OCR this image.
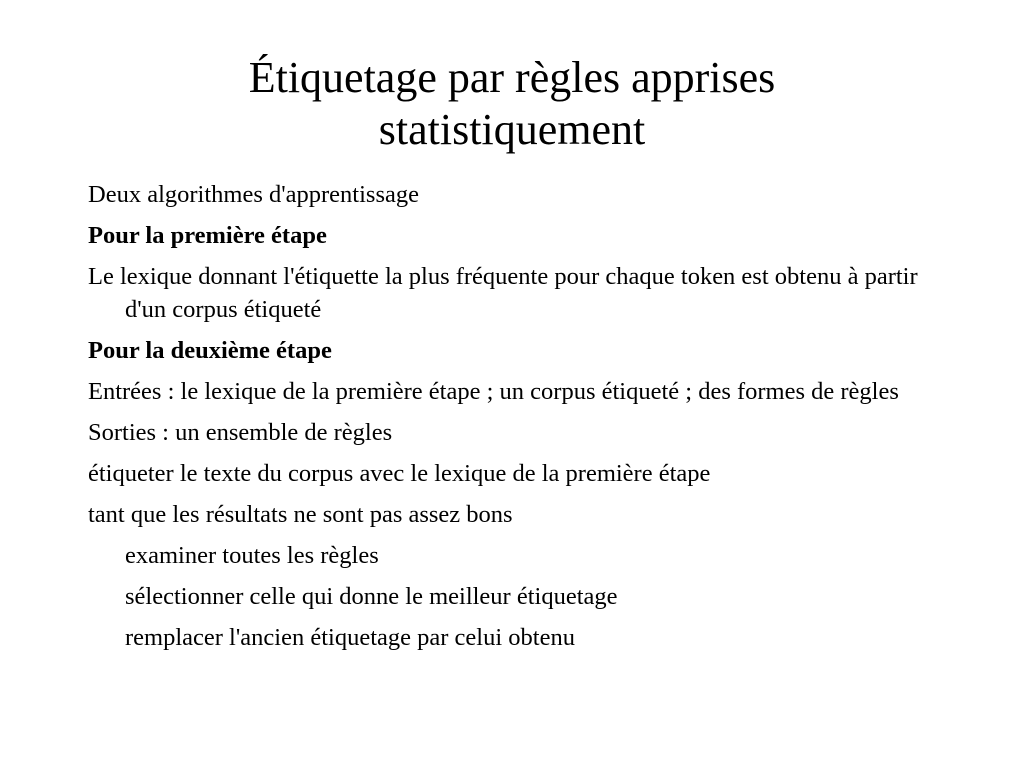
Étiquetage par règles apprises statistiquement
Deux algorithmes d'apprentissage
Pour la première étape
Le lexique donnant l'étiquette la plus fréquente pour chaque token est obtenu à partir d'un corpus étiqueté
Pour la deuxième étape
Entrées : le lexique de la première étape ; un corpus étiqueté ; des formes de règles
Sorties : un ensemble de règles
étiqueter le texte du corpus avec le lexique de la première étape
tant que les résultats ne sont pas assez bons
examiner toutes les règles
sélectionner celle qui donne le meilleur étiquetage
remplacer l'ancien étiquetage par celui obtenu
